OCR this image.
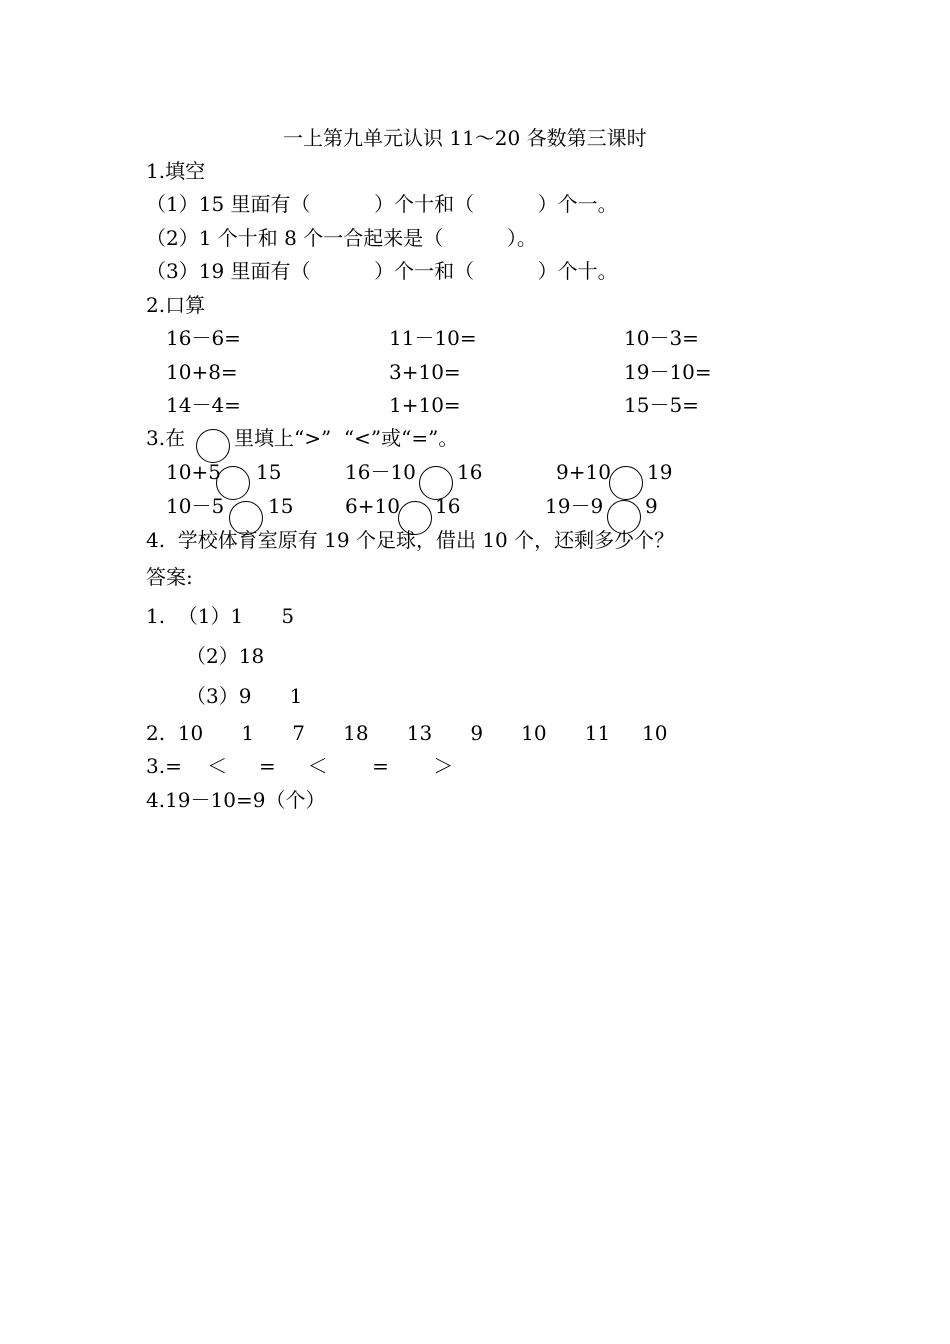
一上第九单元认识 11～20 各数第三课时
1.填空
（1）15 里面有（          ）个十和（          ）个一。
（2）1 个十和 8 个一合起来是（          ）。
（3）19 里面有（          ）个一和（          ）个十。
2.口算
16－6=	11－10=	10－3=
10+8=	3+10=	19－10=
14－4=	1+10=	15－5=
3.在 里填上“>”  “<”或“=”。
10+5 15	16－10 16	9+10 19
10－5 15	6+10 16	19－9 9
4.  学校体育室原有 19 个足球，借出 10 个，还剩多少个？
答案:
1.  （1）1      5
（2）18
（3）9      1
2.  10      1      7      18      13      9      10      11     10
3.=    ＜     =     ＜       =       ＞
4.19－10=9（个）
